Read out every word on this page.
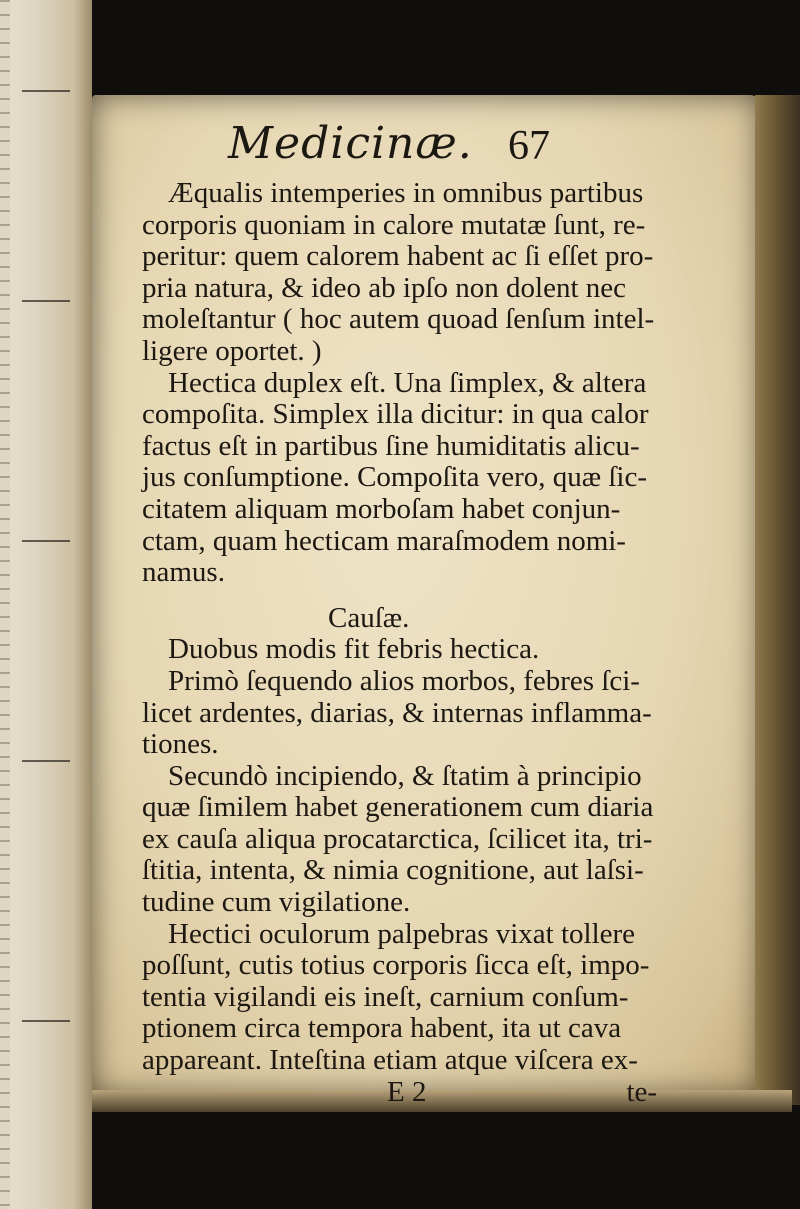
Medicinæ. 67
Æqualis intemperies in omnibus partibus
corporis quoniam in calore mutatæ ſunt, re-
peritur: quem calorem habent ac ſi eſſet pro-
pria natura, & ideo ab ipſo non dolent nec
moleſtantur ( hoc autem quoad ſenſum intel-
ligere oportet. )
Hectica duplex eſt. Una ſimplex, & altera
compoſita. Simplex illa dicitur: in qua calor
factus eſt in partibus ſine humiditatis alicu-
jus conſumptione. Compoſita vero, quæ ſic-
citatem aliquam morboſam habet conjun-
ctam, quam hecticam maraſmodem nomi-
namus.
Cauſæ.
Duobus modis fit febris hectica.
Primò ſequendo alios morbos, febres ſci-
licet ardentes, diarias, & internas inflamma-
tiones.
Secundò incipiendo, & ſtatim à principio
quæ ſimilem habet generationem cum diaria
ex cauſa aliqua procatarctica, ſcilicet ita, tri-
ſtitia, intenta, & nimia cognitione, aut laſsi-
tudine cum vigilatione.
Hectici oculorum palpebras vixat tollere
poſſunt, cutis totius corporis ſicca eſt, impo-
tentia vigilandi eis ineſt, carnium conſum-
ptionem circa tempora habent, ita ut cava
appareant. Inteſtina etiam atque viſcera ex-
E 2	te-
